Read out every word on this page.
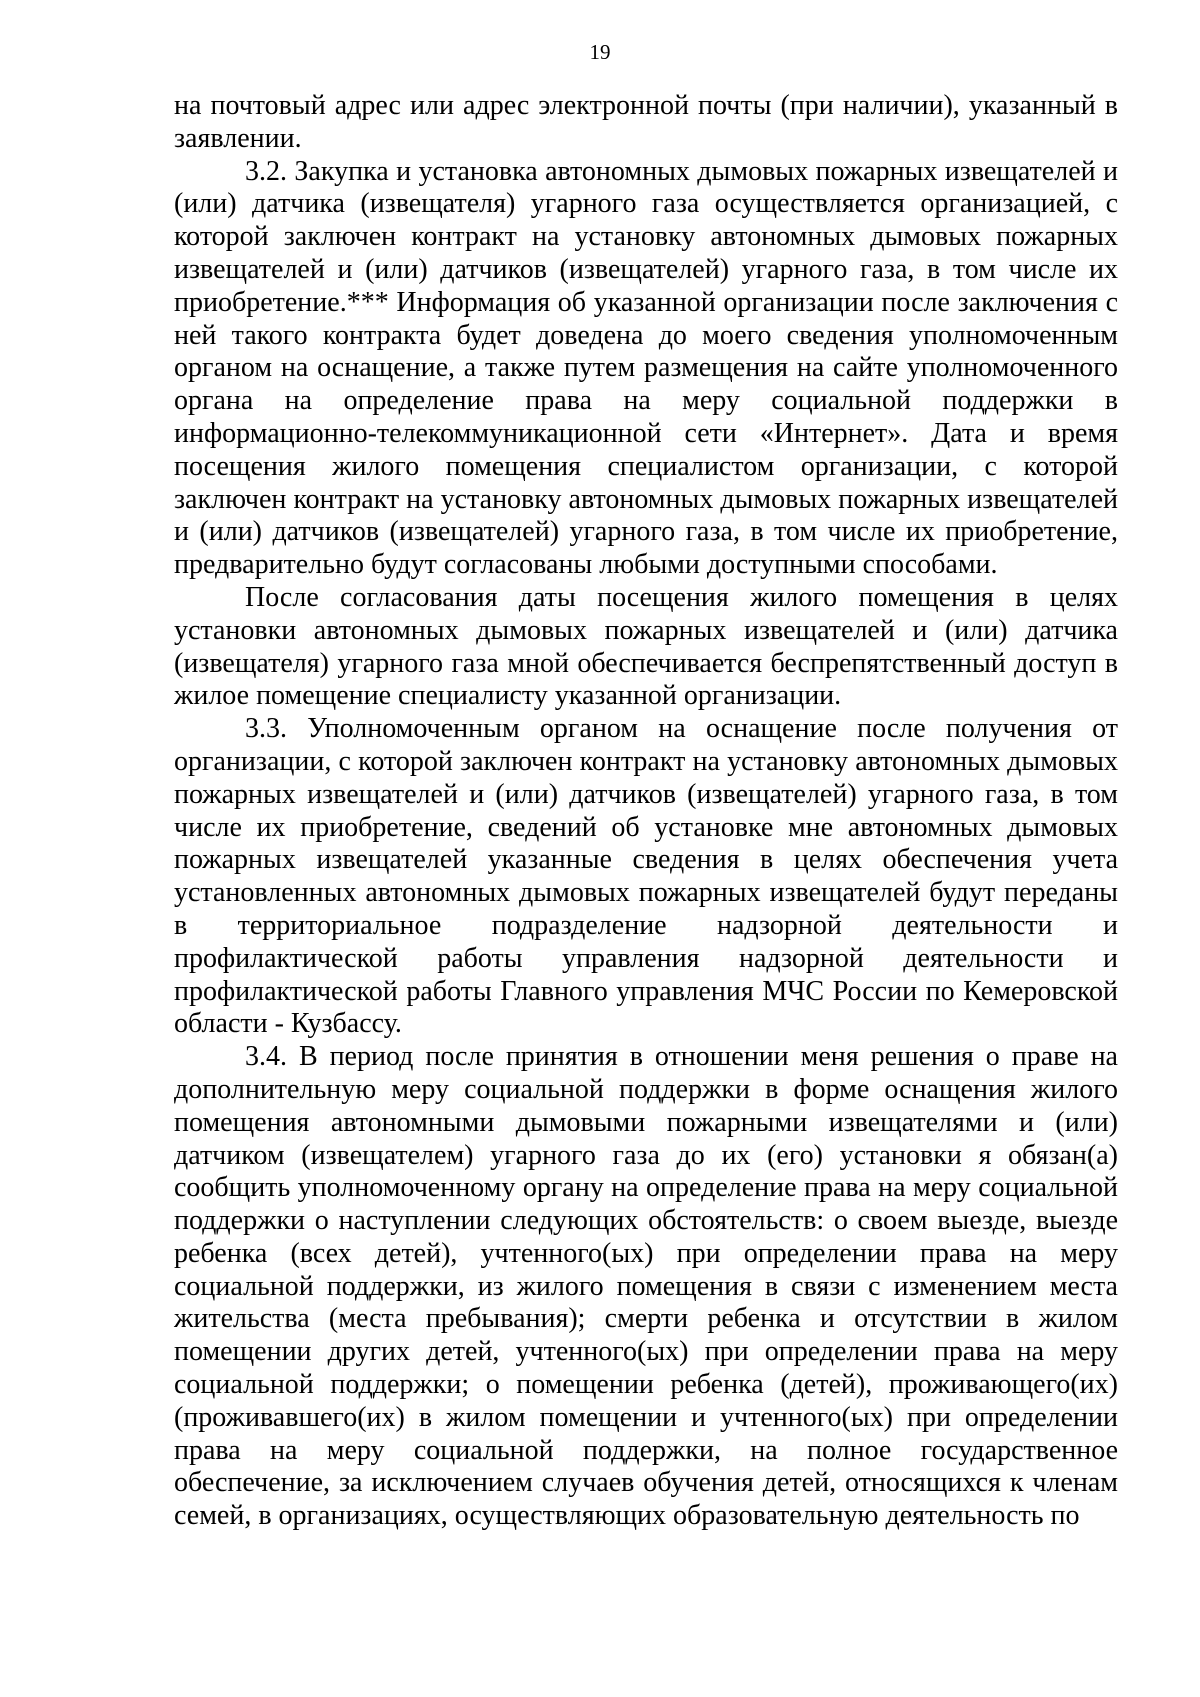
19

на почтовый адрес или адрес электронной почты (при наличии), указанный в заявлении.

3.2. Закупка и установка автономных дымовых пожарных извещателей и (или) датчика (извещателя) угарного газа осуществляется организацией, с которой заключен контракт на установку автономных дымовых пожарных извещателей и (или) датчиков (извещателей) угарного газа, в том числе их приобретение.*** Информация об указанной организации после заключения с ней такого контракта будет доведена до моего сведения уполномоченным органом на оснащение, а также путем размещения на сайте уполномоченного органа на определение права на меру социальной поддержки в информационно-телекоммуникационной сети «Интернет». Дата и время посещения жилого помещения специалистом организации, с которой заключен контракт на установку автономных дымовых пожарных извещателей и (или) датчиков (извещателей) угарного газа, в том числе их приобретение, предварительно будут согласованы любыми доступными способами.

После согласования даты посещения жилого помещения в целях установки автономных дымовых пожарных извещателей и (или) датчика (извещателя) угарного газа мной обеспечивается беспрепятственный доступ в жилое помещение специалисту указанной организации.

3.3. Уполномоченным органом на оснащение после получения от организации, с которой заключен контракт на установку автономных дымовых пожарных извещателей и (или) датчиков (извещателей) угарного газа, в том числе их приобретение, сведений об установке мне автономных дымовых пожарных извещателей указанные сведения в целях обеспечения учета установленных автономных дымовых пожарных извещателей будут переданы в территориальное подразделение надзорной деятельности и профилактической работы управления надзорной деятельности и профилактической работы Главного управления МЧС России по Кемеровской области - Кузбассу.

3.4. В период после принятия в отношении меня решения о праве на дополнительную меру социальной поддержки в форме оснащения жилого помещения автономными дымовыми пожарными извещателями и (или) датчиком (извещателем) угарного газа до их (его) установки я обязан(а) сообщить уполномоченному органу на определение права на меру социальной поддержки о наступлении следующих обстоятельств: о своем выезде, выезде ребенка (всех детей), учтенного(ых) при определении права на меру социальной поддержки, из жилого помещения в связи с изменением места жительства (места пребывания); смерти ребенка и отсутствии в жилом помещении других детей, учтенного(ых) при определении права на меру социальной поддержки; о помещении ребенка (детей), проживающего(их) (проживавшего(их) в жилом помещении и учтенного(ых) при определении права на меру социальной поддержки, на полное государственное обеспечение, за исключением случаев обучения детей, относящихся к членам семей, в организациях, осуществляющих образовательную деятельность по
